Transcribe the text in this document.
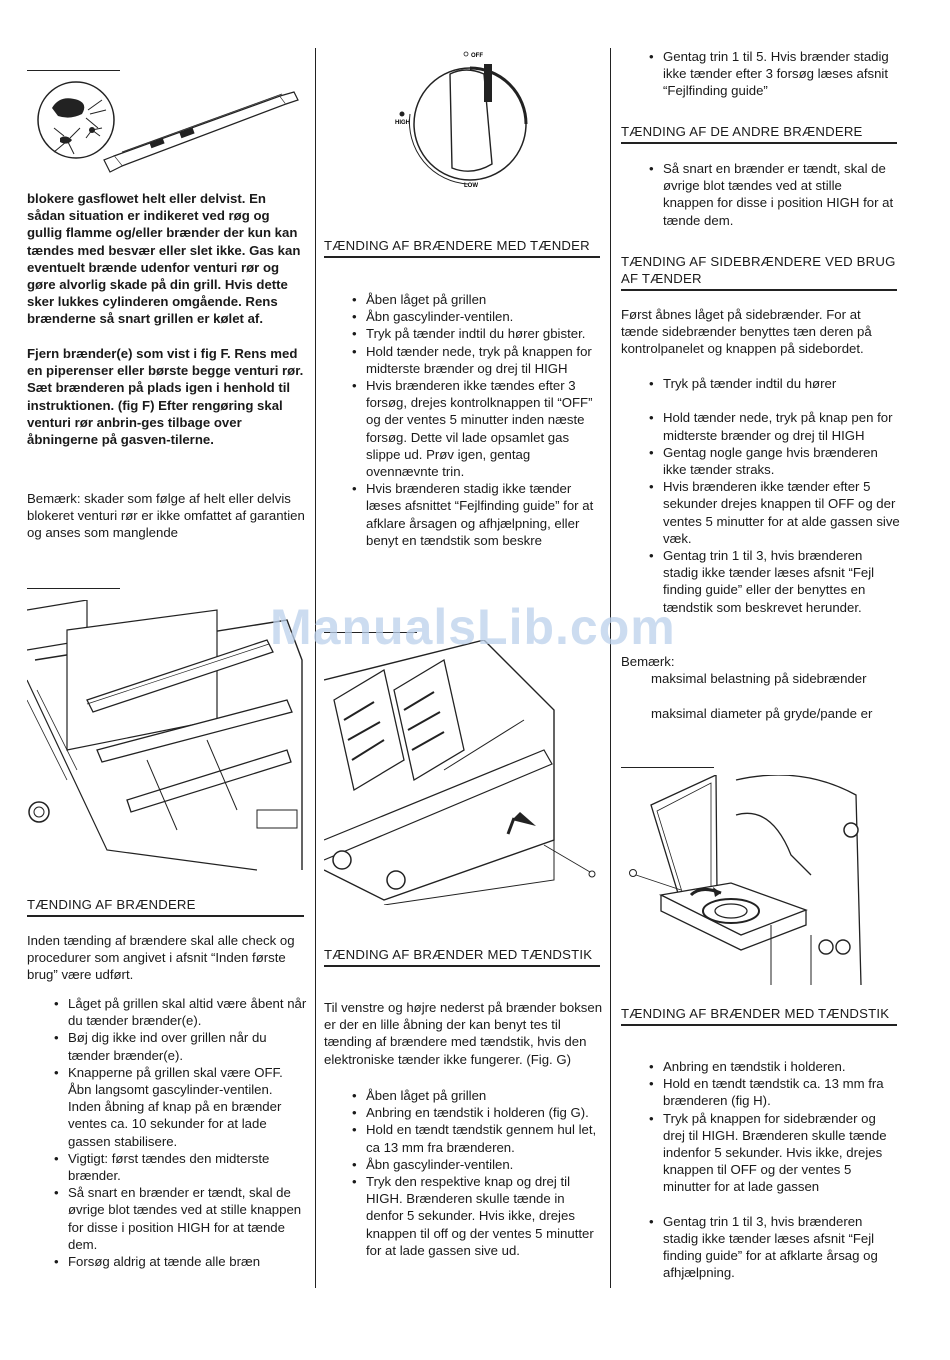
blokere gasflowet helt eller delvist. En sådan situation er indikeret ved røg og gullig flamme og/eller brænder der kun kan tændes med besvær eller slet ikke. Gas kan eventuelt brænde udenfor venturi rør og gøre alvorlig skade på din grill. Hvis dette sker lukkes cylinderen omgående. Rens brænderne så snart grillen er kølet af.

Fjern brænder(e) som vist i fig F. Rens med en piperenser eller børste begge venturi rør. Sæt brænderen på plads igen i henhold til instruktionen. (fig F) Efter rengøring skal venturi rør anbrin-ges tilbage over åbningerne på gasven-tilerne.

Bemærk: skader som følge af helt eller delvis blokeret venturi rør er ikke omfattet af garantien og anses som manglende

TÆNDING AF BRÆNDERE

Inden tænding af brændere skal alle check og procedurer som angivet i afsnit “Inden første brug” være udført.

• Låget på grillen skal altid være åbent når du tænder brænder(e).
• Bøj dig ikke ind over grillen når du tænder brænder(e).
• Knapperne på grillen skal være OFF. Åbn langsomt gascylinder-ventilen. Inden åbning af knap på en brænder ventes ca. 10 sekunder for at lade gassen stabilisere.
• Vigtigt: først tændes den midterste brænder.
• Så snart en brænder er tændt, skal de øvrige blot tændes ved at stille knappen for disse i position HIGH for at tænde dem.
• Forsøg aldrig at tænde alle bræn
OFF
HIGH
LOW
TÆNDING AF BRÆNDERE MED TÆNDER
• Åben låget på grillen
• Åbn gascylinder-ventilen.
• Tryk på tænder indtil du hører gbister.
• Hold tænder nede, tryk på knappen for midterste brænder og drej til HIGH
• Hvis brænderen ikke tændes efter 3 forsøg, drejes kontrolknappen til “OFF” og der ventes 5 minutter inden næste forsøg. Dette vil lade opsamlet gas slippe ud. Prøv igen, gentag ovennævnte trin.
• Hvis brænderen stadig ikke tænder læses afsnittet “Fejlfinding guide” for at afklare årsagen og afhjælpning, eller benyt en tændstik som beskre
TÆNDING AF BRÆNDER MED TÆNDSTIK

Til venstre og højre nederst på brænder boksen er der en lille åbning der kan benyt tes til tænding af brændere med tændstik, hvis den elektroniske tænder ikke fungerer. (Fig. G)

• Åben låget på grillen
• Anbring en tændstik i holderen (fig G).
• Hold en tændt tændstik gennem hul let, ca 13 mm fra brænderen.
• Åbn gascylinder-ventilen.
• Tryk den respektive knap og drej til HIGH. Brænderen skulle tænde in denfor 5 sekunder. Hvis ikke, drejes knappen til off og der ventes 5 minutter for at lade gassen sive ud.
• Gentag trin 1 til 5. Hvis brænder stadig ikke tænder efter 3 forsøg læses afsnit “Fejlfinding guide”
TÆNDING AF DE ANDRE BRÆNDERE
• Så snart en brænder er tændt, skal de øvrige blot tændes ved at stille knappen for disse i position HIGH for at tænde dem.
TÆNDING AF SIDEBRÆNDERE VED BRUG AF TÆNDER

Først åbnes låget på sidebrænder. For at tænde sidebrænder benyttes tæn deren på kontrolpanelet og knappen på sidebordet.

• Tryk på tænder indtil du hører
• Hold tænder nede, tryk på knap pen for midterste brænder og drej til HIGH
• Gentag nogle gange hvis brænderen ikke tænder straks.
• Hvis brænderen ikke tænder efter 5 sekunder drejes knappen til OFF og der ventes 5 minutter for at alde gassen sive væk.
• Gentag trin 1 til 3, hvis brænderen stadig ikke tænder læses afsnit “Fejl finding guide” eller der benyttes en tændstik som beskrevet herunder.

Bemærk:

maksimal belastning på sidebrænder

maksimal diameter på gryde/pande er

TÆNDING AF BRÆNDER MED TÆNDSTIK
• Anbring en tændstik i holderen.
• Hold en tændt tændstik ca. 13 mm fra brænderen (fig H).
• Tryk på knappen for sidebrænder og drej til HIGH. Brænderen skulle tænde indenfor 5 sekunder. Hvis ikke, drejes knappen til OFF og der ventes 5 minutter for at lade gassen
• Gentag trin 1 til 3, hvis brænderen stadig ikke tænder læses afsnit “Fejl finding guide” for at afklarte årsag og afhjælpning.
ManualsLib.com
